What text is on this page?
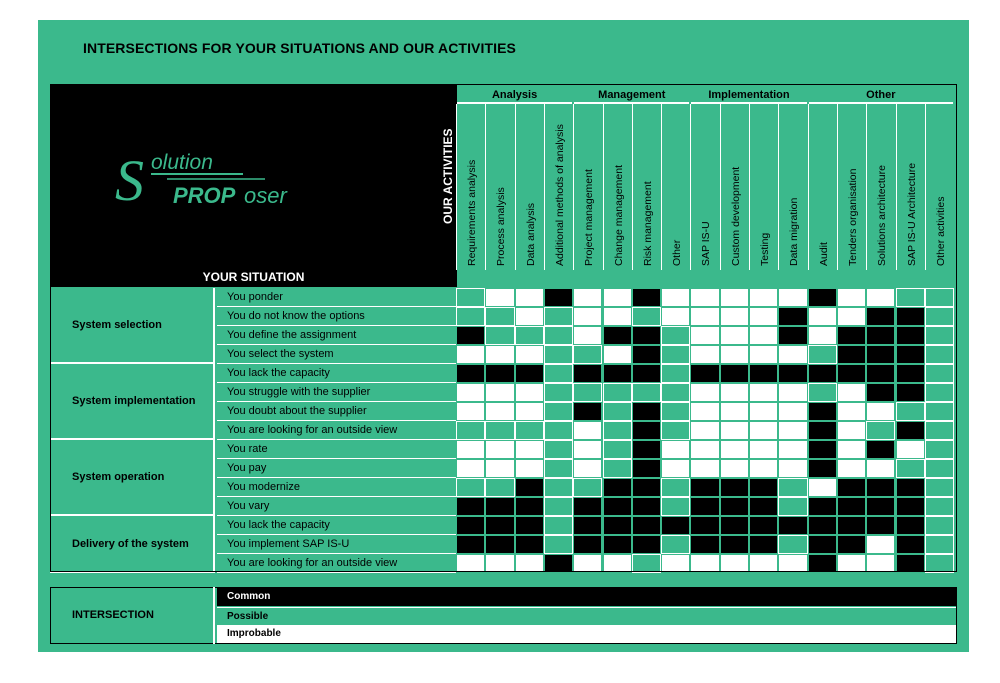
INTERSECTIONS FOR YOUR SITUATIONS AND OUR ACTIVITIES
S olution
PROP oser	OUR ACTIVITIES
YOUR SITUATION
Analysis
Requirements analysis Process analysis Data analysis Additional methods of analysis
Management
Project management Change management Risk management Other
Implementation
SAP IS-U Custom development Testing Data migration
Other
Audit Tenders organisation Solutions architecture SAP IS-U Architecture Other activities
System selection
You ponder
You do not know the options
You define the assignment
You select the system
System implementation
You lack the capacity
You struggle with the supplier
You doubt about the supplier
You are looking for an outside view
System operation
You rate
You pay
You modernize
You vary
Delivery of the system
You lack the capacity
You implement SAP IS-U
You are looking for an outside view
INTERSECTION
Common
Possible
Improbable
